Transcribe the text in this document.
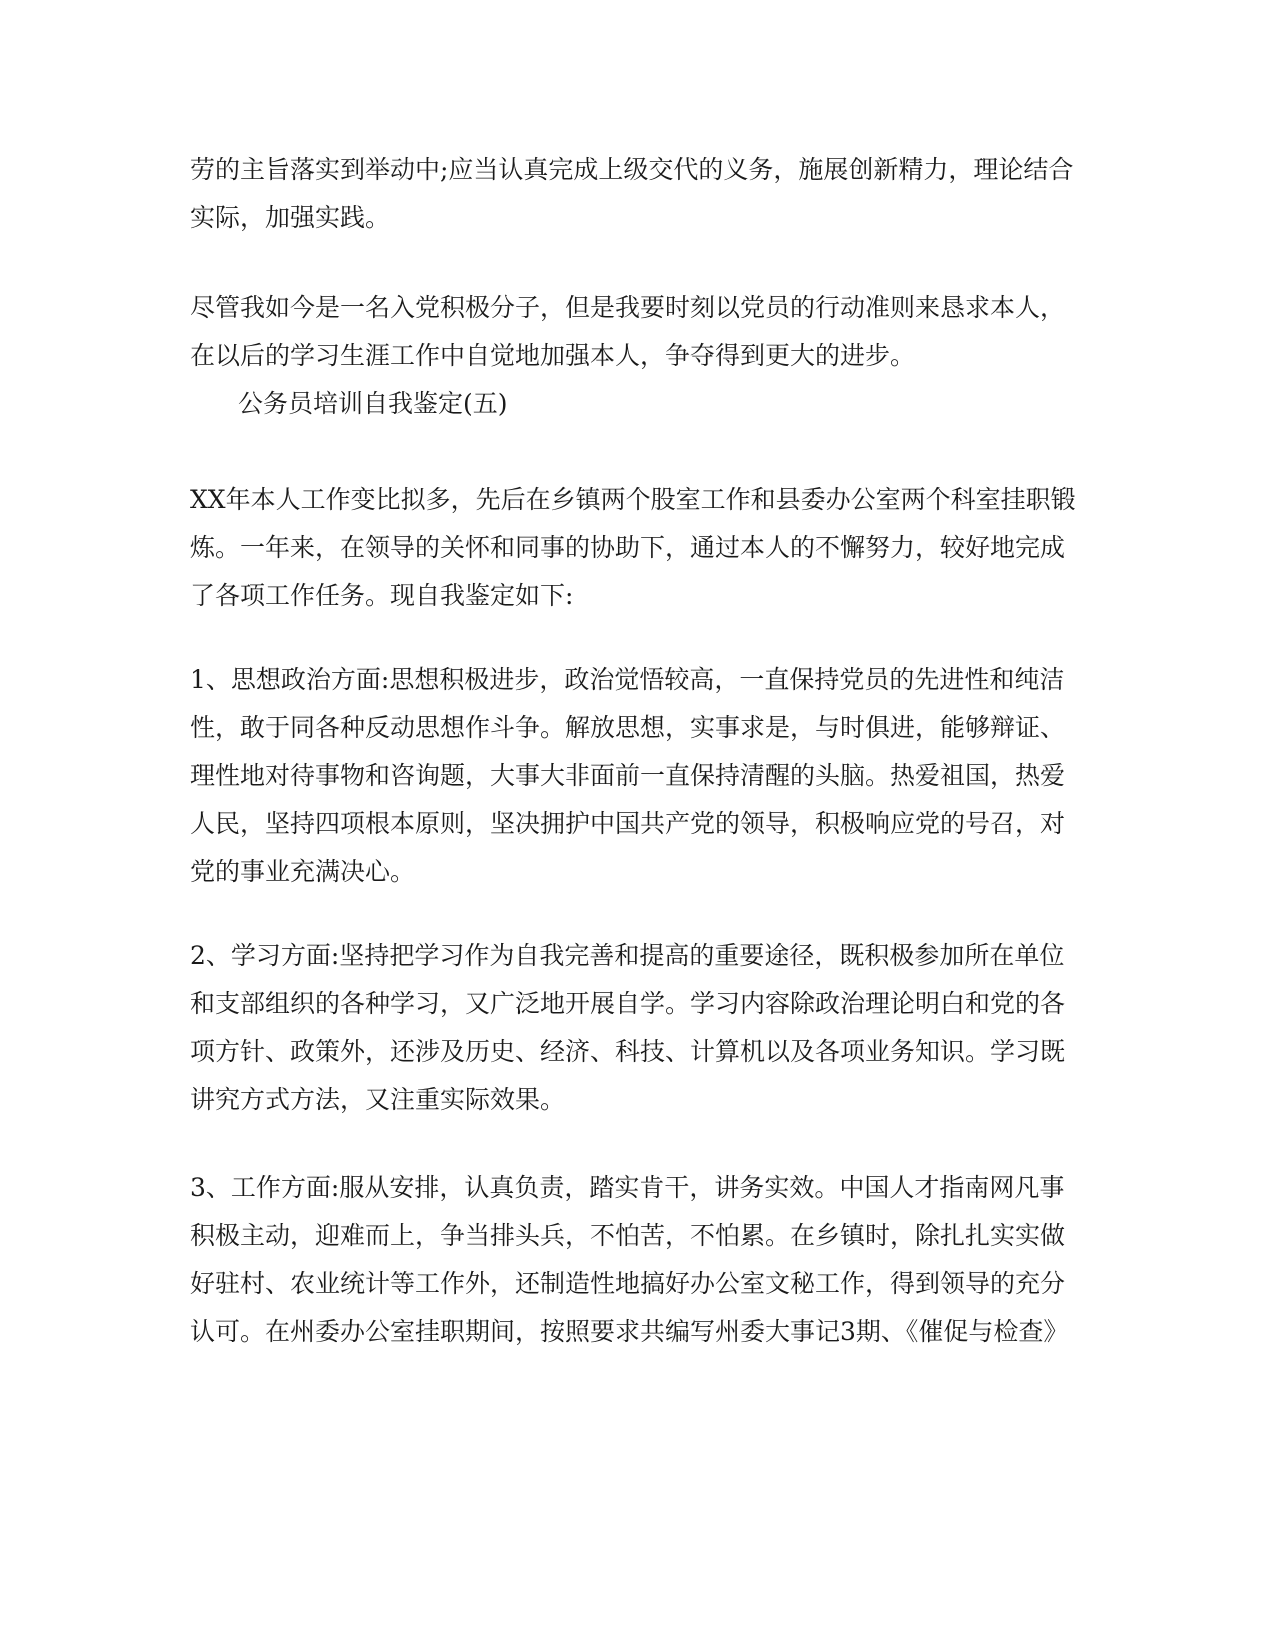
劳的主旨落实到举动中;应当认真完成上级交代的义务，施展创新精力，理论结合
实际，加强实践。

尽管我如今是一名入党积极分子，但是我要时刻以党员的行动准则来恳求本人，
在以后的学习生涯工作中自觉地加强本人，争夺得到更大的进步。

公务员培训自我鉴定(五)

XX年本人工作变比拟多，先后在乡镇两个股室工作和县委办公室两个科室挂职锻
炼。一年来，在领导的关怀和同事的协助下，通过本人的不懈努力，较好地完成
了各项工作任务。现自我鉴定如下:

1、思想政治方面:思想积极进步，政治觉悟较高，一直保持党员的先进性和纯洁
性，敢于同各种反动思想作斗争。解放思想，实事求是，与时俱进，能够辩证、
理性地对待事物和咨询题，大事大非面前一直保持清醒的头脑。热爱祖国，热爱
人民，坚持四项根本原则，坚决拥护中国共产党的领导，积极响应党的号召，对
党的事业充满决心。

2、学习方面:坚持把学习作为自我完善和提高的重要途径，既积极参加所在单位
和支部组织的各种学习，又广泛地开展自学。学习内容除政治理论明白和党的各
项方针、政策外，还涉及历史、经济、科技、计算机以及各项业务知识。学习既
讲究方式方法，又注重实际效果。

3、工作方面:服从安排，认真负责，踏实肯干，讲务实效。中国人才指南网凡事
积极主动，迎难而上，争当排头兵，不怕苦，不怕累。在乡镇时，除扎扎实实做
好驻村、农业统计等工作外，还制造性地搞好办公室文秘工作，得到领导的充分
认可。在州委办公室挂职期间，按照要求共编写州委大事记3期、《催促与检查》
